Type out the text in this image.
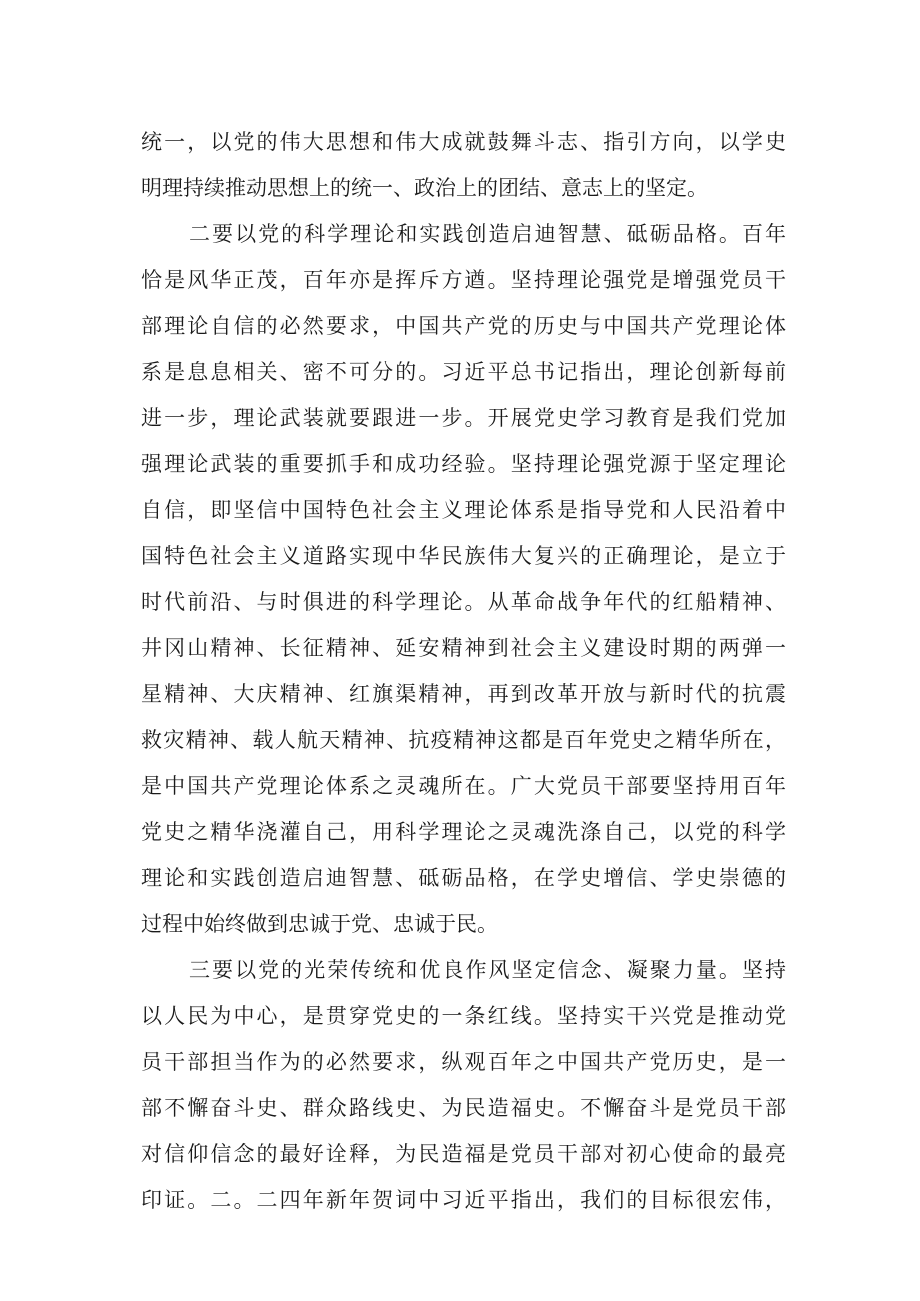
统一，以党的伟大思想和伟大成就鼓舞斗志、指引方向，以学史
明理持续推动思想上的统一、政治上的团结、意志上的坚定。
二要以党的科学理论和实践创造启迪智慧、砥砺品格。百年
恰是风华正茂，百年亦是挥斥方遒。坚持理论强党是增强党员干
部理论自信的必然要求，中国共产党的历史与中国共产党理论体
系是息息相关、密不可分的。习近平总书记指出，理论创新每前
进一步，理论武装就要跟进一步。开展党史学习教育是我们党加
强理论武装的重要抓手和成功经验。坚持理论强党源于坚定理论
自信，即坚信中国特色社会主义理论体系是指导党和人民沿着中
国特色社会主义道路实现中华民族伟大复兴的正确理论，是立于
时代前沿、与时俱进的科学理论。从革命战争年代的红船精神、
井冈山精神、长征精神、延安精神到社会主义建设时期的两弹一
星精神、大庆精神、红旗渠精神，再到改革开放与新时代的抗震
救灾精神、载人航天精神、抗疫精神这都是百年党史之精华所在，
是中国共产党理论体系之灵魂所在。广大党员干部要坚持用百年
党史之精华浇灌自己，用科学理论之灵魂洗涤自己，以党的科学
理论和实践创造启迪智慧、砥砺品格，在学史增信、学史崇德的
过程中始终做到忠诚于党、忠诚于民。
三要以党的光荣传统和优良作风坚定信念、凝聚力量。坚持
以人民为中心，是贯穿党史的一条红线。坚持实干兴党是推动党
员干部担当作为的必然要求，纵观百年之中国共产党历史，是一
部不懈奋斗史、群众路线史、为民造福史。不懈奋斗是党员干部
对信仰信念的最好诠释，为民造福是党员干部对初心使命的最亮
印证。二。二四年新年贺词中习近平指出，我们的目标很宏伟，
